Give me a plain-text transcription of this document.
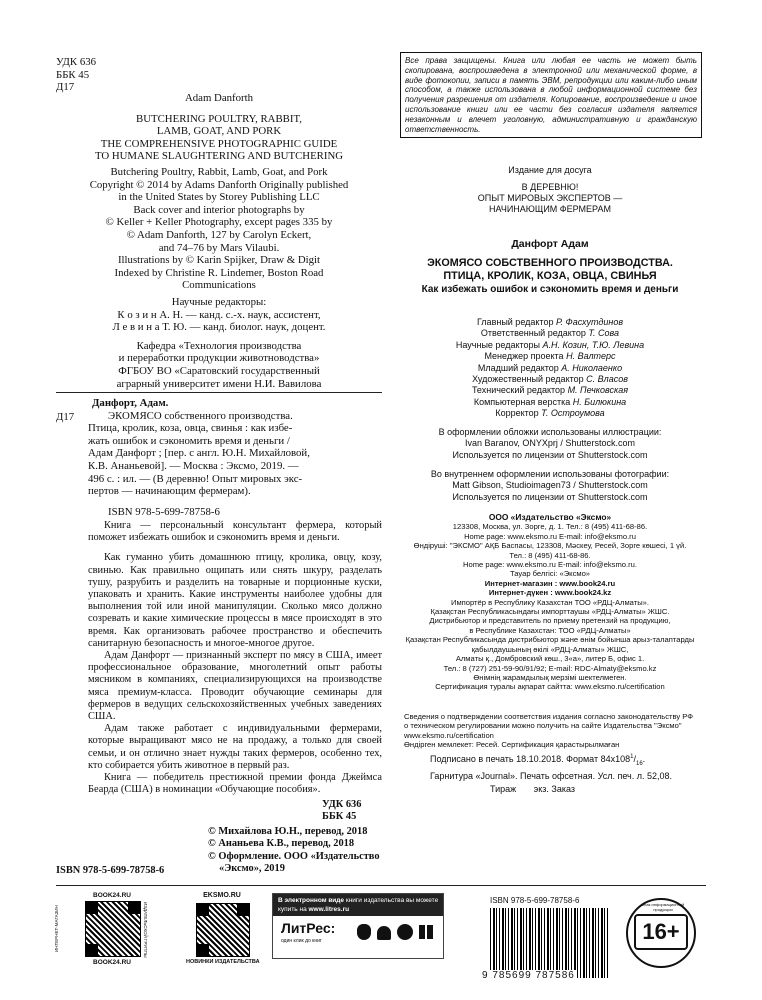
УДК 636
ББК 45
Д17
Adam Danforth
BUTCHERING POULTRY, RABBIT,
LAMB, GOAT, AND PORK
THE COMPREHENSIVE PHOTOGRAPHIC GUIDE
TO HUMANE SLAUGHTERING AND BUTCHERING
Butchering Poultry, Rabbit, Lamb, Goat, and Pork
Copyright © 2014 by Adams Danforth Originally published
in the United States by Storey Publishing LLC
Back cover and interior photographs by
© Keller + Keller Photography, except pages 335 by
© Adam Danforth, 127 by Carolyn Eckert,
and 74–76 by Mars Vilaubi.
Illustrations by © Karin Spijker, Draw & Digit
Indexed by Christine R. Lindemer, Boston Road
Communications
Научные редакторы:
К о з и н А. Н. — канд. с.-х. наук, ассистент,
Л е в и н а Т. Ю. — канд. биолог. наук, доцент.
Кафедра «Технология производства
и переработки продукции животноводства»
ФГБОУ ВО «Саратовский государственный
аграрный университет имени Н.И. Вавилова
Д17
Данфорт, Адам.
ЭКОМЯСО собственного производства.
Птица, кролик, коза, овца, свинья : как избе-
жать ошибок и сэкономить время и деньги /
Адам Данфорт ; [пер. с англ. Ю.Н. Михайловой,
К.В. Ананьевой]. — Москва : Эксмо, 2019. —
496 с. : ил. — (В деревню! Опыт мировых экс-
пертов — начинающим фермерам).
ISBN 978-5-699-78758-6

Книга — персональный консультант фермера, который поможет избежать ошибок и сэкономить время и деньги.

Как гуманно убить домашнюю птицу, кролика, овцу, козу, свинью. Как правильно ощипать или снять шкуру, разделать тушу, разрубить и разделить на товарные и порционные куски, упаковать и хранить. Какие инструменты наиболее удобны для выполнения той или иной манипуляции. Сколько мясо должно созревать и какие химические процессы в мясе происходят в это время. Как организовать рабочее пространство и обеспечить санитарную безопасность и многое-многое другое.

Адам Данфорт — признанный эксперт по мясу в США, имеет профессиональное образование, многолетний опыт работы мясником в компаниях, специализирующихся на производстве мяса премиум-класса. Проводит обучающие семинары для фермеров в ведущих сельскохозяйственных учебных заведениях США.

Адам также работает с индивидуальными фермерами, которые выращивают мясо не на продажу, а только для своей семьи, и он отлично знает нужды таких фермеров, особенно тех, кто собирается убить животное в первый раз.

Книга — победитель престижной премии фонда Джеймса Беарда (США) в номинации «Обучающие пособия».

УДК 636
ББК 45
© Михайлова Ю.Н., перевод, 2018
© Ананьева К.В., перевод, 2018
© Оформление. ООО «Издательство
«Эксмо», 2019
ISBN 978-5-699-78758-6
Все права защищены. Книга или любая ее часть не может быть скопирована, воспроизведена в электронной или механической форме, в виде фотокопии, записи в память ЭВМ, репродукции или каким-либо иным способом, а также использована в любой информационной системе без получения разрешения от издателя. Копирование, воспроизведение и иное использование книги или ее части без согласия издателя является незаконным и влечет уголовную, административную и гражданскую ответственность.
Издание для досуга
В ДЕРЕВНЮ!
ОПЫТ МИРОВЫХ ЭКСПЕРТОВ —
НАЧИНАЮЩИМ ФЕРМЕРАМ
Данфорт Адам
ЭКОМЯСО СОБСТВЕННОГО ПРОИЗВОДСТВА.
ПТИЦА, КРОЛИК, КОЗА, ОВЦА, СВИНЬЯ
Как избежать ошибок и сэкономить время и деньги
Главный редактор Р. Фасхутдинов
Ответственный редактор Т. Сова
Научные редакторы А.Н. Козин, Т.Ю. Левина
Менеджер проекта Н. Валтерс
Младший редактор А. Николаенко
Художественный редактор С. Власов
Технический редактор М. Печковская
Компьютерная верстка Н. Билюкина
Корректор Т. Остроумова
В оформлении обложки использованы иллюстрации:
Ivan Baranov, ONYXprj / Shutterstock.com
Используется по лицензии от Shutterstock.com
Во внутреннем оформлении использованы фотографии:
Matt Gibson, Studioimagen73 / Shutterstock.com
Используется по лицензии от Shutterstock.com
ООО «Издательство «Эксмо»
123308, Москва, ул. Зорге, д. 1. Тел.: 8 (495) 411-68-86.
Home page: www.eksmo.ru E-mail: info@eksmo.ru
Өндіруші: "ЭКСМО" АҚБ Баспасы, 123308, Мәскеу, Ресей, Зорге көшесі, 1 үй.
Тел.: 8 (495) 411-68-86.
Home page: www.eksmo.ru E-mail: info@eksmo.ru.
Тауар белгісі: «Эксмо»
Интернет-магазин : www.book24.ru
Интернет-дүкен : www.book24.kz
Импортёр в Республику Казахстан ТОО «РДЦ-Алматы».
Қазақстан Республикасындағы импорттаушы «РДЦ-Алматы» ЖШС.
Дистрибьютор и представитель по приему претензий на продукцию,
в Республике Казахстан: ТОО «РДЦ-Алматы»
Қазақстан Республикасында дистрибьютор және өнім бойынша арыз-талаптарды
қабылдаушының өкілі «РДЦ-Алматы» ЖШС,
Алматы қ., Домбровский көш., 3«а», литер Б, офис 1.
Тел.: 8 (727) 251-59-90/91/92; E-mail: RDC-Almaty@eksmo.kz
Өнімнің жарамдылық мерзімі шектелмеген.
Сертификация туралы ақпарат сайтта: www.eksmo.ru/certification
Сведения о подтверждении соответствия издания согласно законодательству РФ
о техническом регулировании можно получить на сайте Издательства "Эксмо"
www.eksmo.ru/certification
Өндірген мемлекет: Ресей. Сертификация қарастырылмаған
Подписано в печать 18.10.2018. Формат $84x108^1/_{16}$.
Гарнитура «Journal». Печать офсетная. Усл. печ. л. 52,08.
Тираж       экз. Заказ
BOOK24.RU
ИНТЕРНЕТ-МАГАЗИН	ИЗДАТЕЛЬСКОЙ ГРУППЫ
BOOK24.RU
EKSMO.RU
НОВИНКИ ИЗДАТЕЛЬСТВА
В электронном виде книги издательства вы можете
купить на www.litres.ru
ЛитРес:
один клик до книг
ISBN 978-5-699-78758-6
9 785699 787586
Знак информационной продукции
16+
